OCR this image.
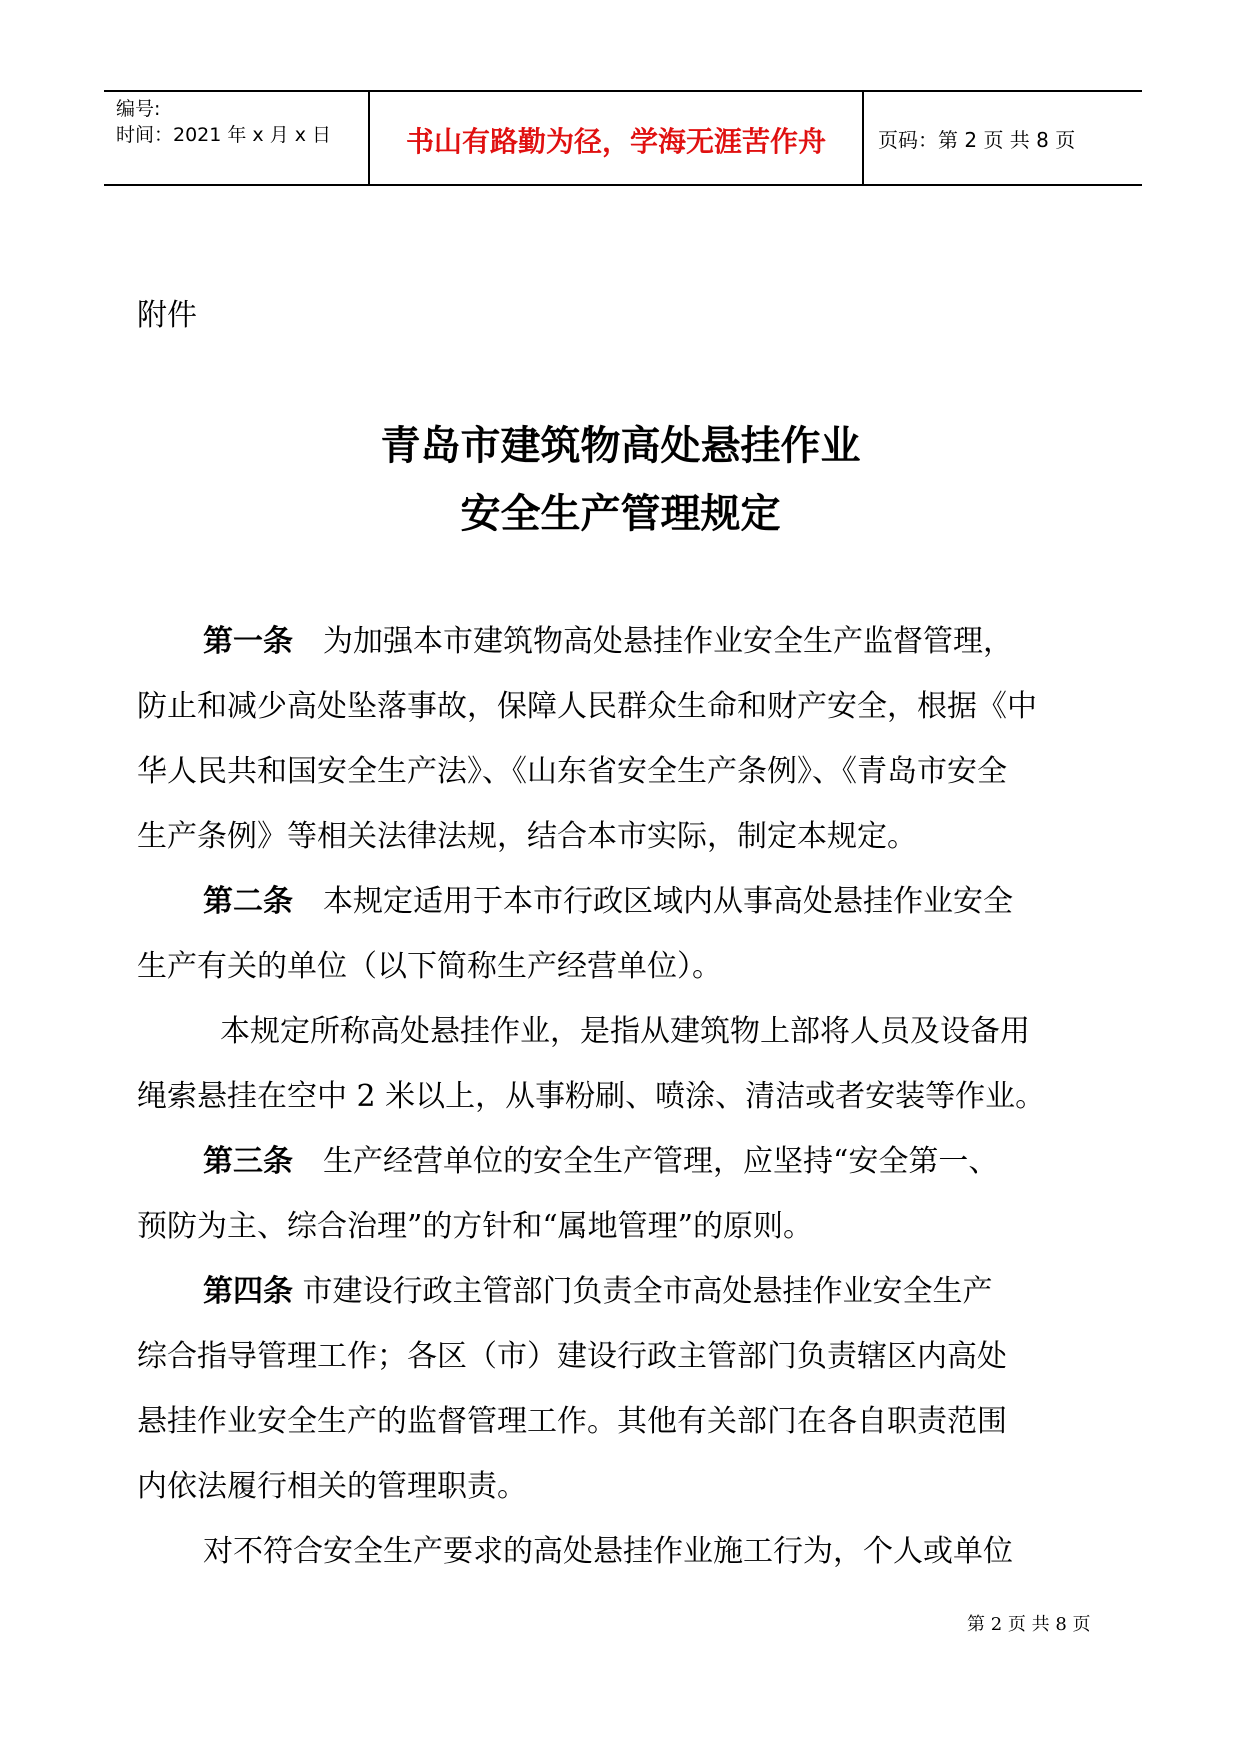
编号:
时间：2021 年 x 月 x 日	书山有路勤为径，学海无涯苦作舟	页码：第 2 页 共 8 页
附件
青岛市建筑物高处悬挂作业
安全生产管理规定
第一条　为加强本市建筑物高处悬挂作业安全生产监督管理，
防止和减少高处坠落事故，保障人民群众生命和财产安全，根据《中
华人民共和国安全生产法》、《山东省安全生产条例》、《青岛市安全
生产条例》等相关法律法规，结合本市实际，制定本规定。
第二条　本规定适用于本市行政区域内从事高处悬挂作业安全
生产有关的单位（以下简称生产经营单位）。
本规定所称高处悬挂作业，是指从建筑物上部将人员及设备用
绳索悬挂在空中 2 米以上，从事粉刷、喷涂、清洁或者安装等作业。
第三条　生产经营单位的安全生产管理，应坚持“安全第一、
预防为主、综合治理”的方针和“属地管理”的原则。
第四条 市建设行政主管部门负责全市高处悬挂作业安全生产
综合指导管理工作；各区（市）建设行政主管部门负责辖区内高处
悬挂作业安全生产的监督管理工作。其他有关部门在各自职责范围
内依法履行相关的管理职责。
对不符合安全生产要求的高处悬挂作业施工行为，个人或单位
第 2 页 共 8 页
